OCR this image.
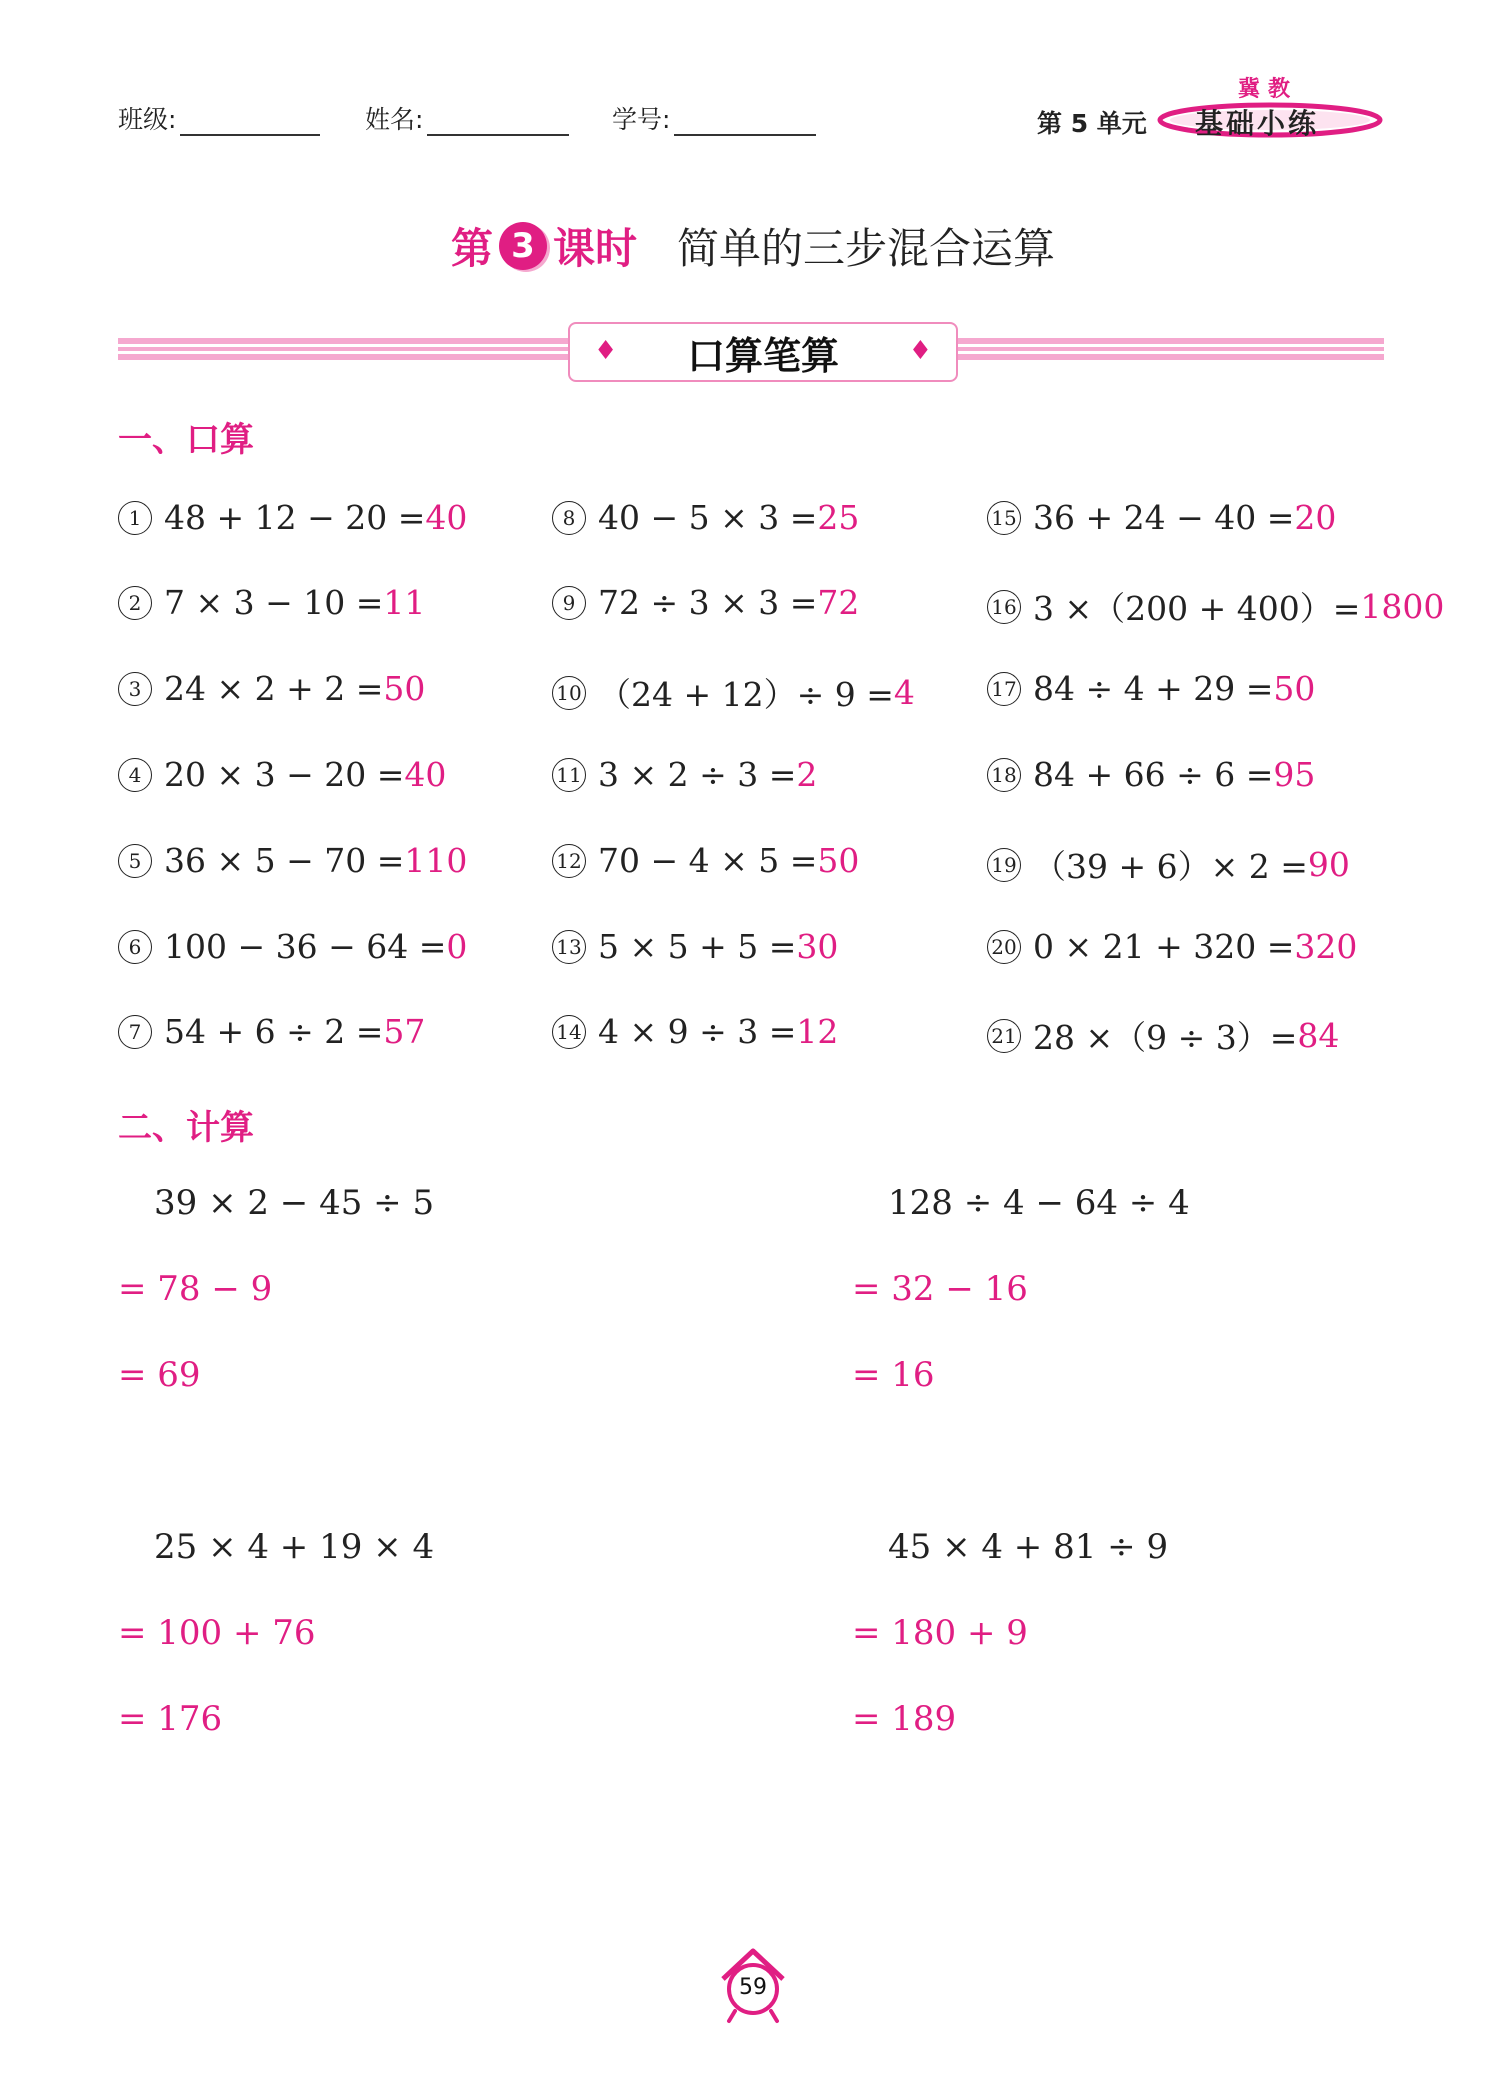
班级:	姓名:	学号:	第 5 单元
冀教
基础小练
第 3 课时 简单的三步混合运算
♦ 口算笔算	♦
一、口算
1 48 + 12 − 20 = 40
2 7 × 3 − 10 = 11
3 24 × 2 + 2 = 50
4 20 × 3 − 20 = 40
5 36 × 5 − 70 = 110
6 100 − 36 − 64 = 0
7 54 + 6 ÷ 2 = 57
8 40 − 5 × 3 = 25
9 72 ÷ 3 × 3 = 72
10 （24 + 12）÷ 9 = 4
11 3 × 2 ÷ 3 = 2
12 70 − 4 × 5 = 50
13 5 × 5 + 5 = 30
14 4 × 9 ÷ 3 = 12
15 36 + 24 − 40 = 20
16 3 ×（200 + 400）= 1800
17 84 ÷ 4 + 29 = 50
18 84 + 66 ÷ 6 = 95
19 （39 + 6）× 2 = 90
20 0 × 21 + 320 = 320
21 28 ×（9 ÷ 3）= 84
二、计算
39 × 2 − 45 ÷ 5
= 78 − 9
= 69
128 ÷ 4 − 64 ÷ 4
= 32 − 16
= 16
25 × 4 + 19 × 4
= 100 + 76
= 176
45 × 4 + 81 ÷ 9
= 180 + 9
= 189
59
